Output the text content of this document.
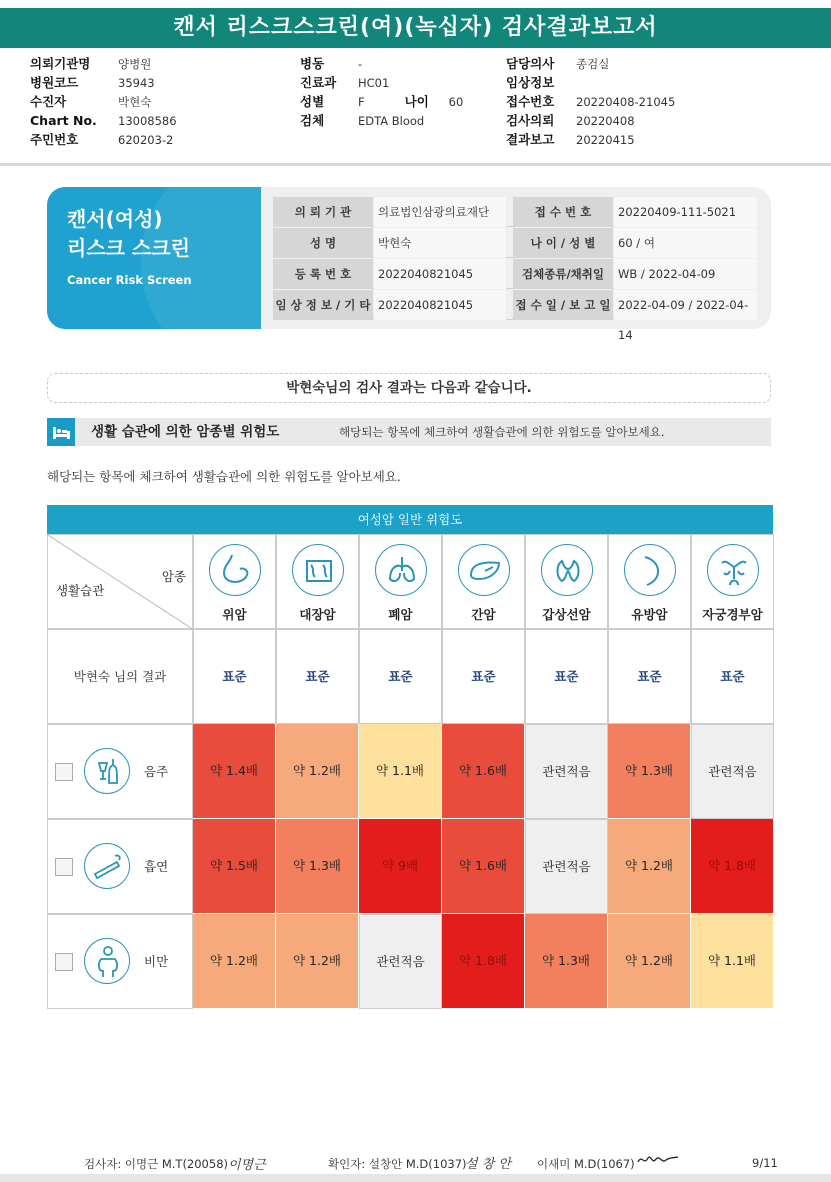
캔서 리스크스크린(여)(녹십자) 검사결과보고서
의뢰기관명 양병원
병원코드	35943
수진자	박현숙
Chart No. 13008586
주민번호	620203-2
병동	-
진료과 HC01
성별	F	나이 60
검체	EDTA Blood
담당의사 종검실
임상정보
접수번호 20220408-21045
검사의뢰 20220408
결과보고 20220415
캔서(여성)
리스크 스크린
Cancer Risk Screen
의 뢰 기 관	의료법인삼광의료재단	접 수 번 호	20220409-111-5021
성 명	박현숙	나 이 / 성 별	60 / 여
등 록 번 호	2022040821045	검체종류/채취일	WB / 2022-04-09
임 상 정 보 / 기 타 2022040821045	접 수 일 / 보 고 일 2022-04-09 / 2022-04-14
박현숙님의 검사 결과는 다음과 같습니다.
생활 습관에 의한 암종별 위험도	해당되는 항목에 체크하여 생활습관에 의한 위험도를 알아보세요.
해당되는 항목에 체크하여 생활습관에 의한 위험도를 알아보세요.
여성암 일반 위험도
암종
생활습관
위암	대장암	폐암	간암	갑상선암	유방암	자궁경부암
박현숙 님의 결과	표준	표준	표준	표준	표준	표준	표준
음주	약 1.4배	약 1.2배	약 1.1배	약 1.6배	관련적음	약 1.3배	관련적음
흡연	약 1.5배	약 1.3배	약 9배	약 1.6배	관련적음	약 1.2배	약 1.8배
비만	약 1.2배	약 1.2배	관련적음	약 1.8배	약 1.3배	약 1.2배	약 1.1배
검사자: 이명근 M.T(20058) 이명근	확인자: 설창안 M.D(1037)
설 창 안 이새미 M.D(1067)	9/11
